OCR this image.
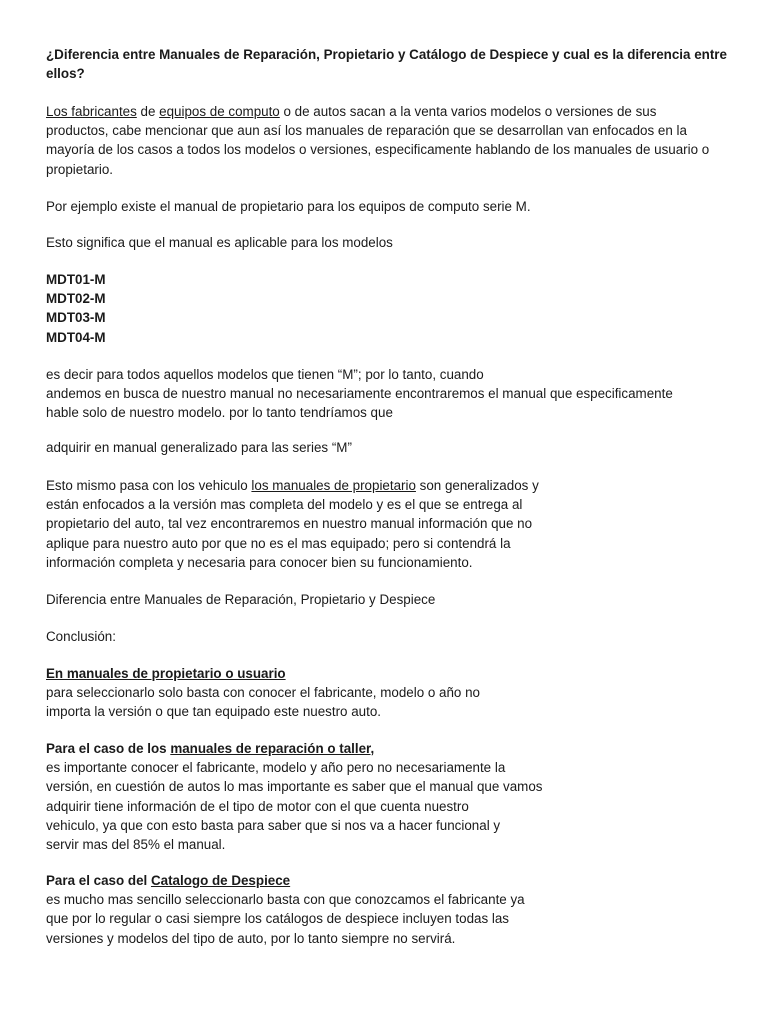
¿Diferencia entre Manuales de Reparación, Propietario y Catálogo de Despiece y cual es la diferencia entre
ellos?
Los fabricantes de equipos de computo o de autos sacan a la venta varios modelos o versiones de sus
productos, cabe mencionar que aun así los manuales de reparación que se desarrollan van enfocados en la
mayoría de los casos a todos los modelos o versiones, especificamente hablando de los manuales de usuario o
propietario.
Por ejemplo existe el manual de propietario para los equipos de computo serie M.
Esto significa que el manual es aplicable para los modelos
MDT01-M
MDT02-M
MDT03-M
MDT04-M
es decir para todos aquellos modelos que tienen “M”; por lo tanto, cuando
andemos en busca de nuestro manual no necesariamente encontraremos el manual que especificamente
hable solo de nuestro modelo. por lo tanto tendríamos que
adquirir en manual generalizado para las series “M”
Esto mismo pasa con los vehiculo los manuales de propietario son generalizados y
están enfocados a la versión mas completa del modelo y es el que se entrega al
propietario del auto, tal vez encontraremos en nuestro manual información que no
aplique para nuestro auto por que no es el mas equipado; pero si contendrá la
información completa y necesaria para conocer bien su funcionamiento.
Diferencia entre Manuales de Reparación, Propietario y Despiece
Conclusión:
En manuales de propietario o usuario
para seleccionarlo solo basta con conocer el fabricante, modelo o año no
importa la versión o que tan equipado este nuestro auto.
Para el caso de los manuales de reparación o taller,
es importante conocer el fabricante, modelo y año pero no necesariamente la
versión, en cuestión de autos lo mas importante es saber que el manual que vamos
adquirir tiene información de el tipo de motor con el que cuenta nuestro
vehiculo, ya que con esto basta para saber que si nos va a hacer funcional y
servir mas del 85% el manual.
Para el caso del Catalogo de Despiece
es mucho mas sencillo seleccionarlo basta con que conozcamos el fabricante ya
que por lo regular o casi siempre los catálogos de despiece incluyen todas las
versiones y modelos del tipo de auto, por lo tanto siempre no servirá.
